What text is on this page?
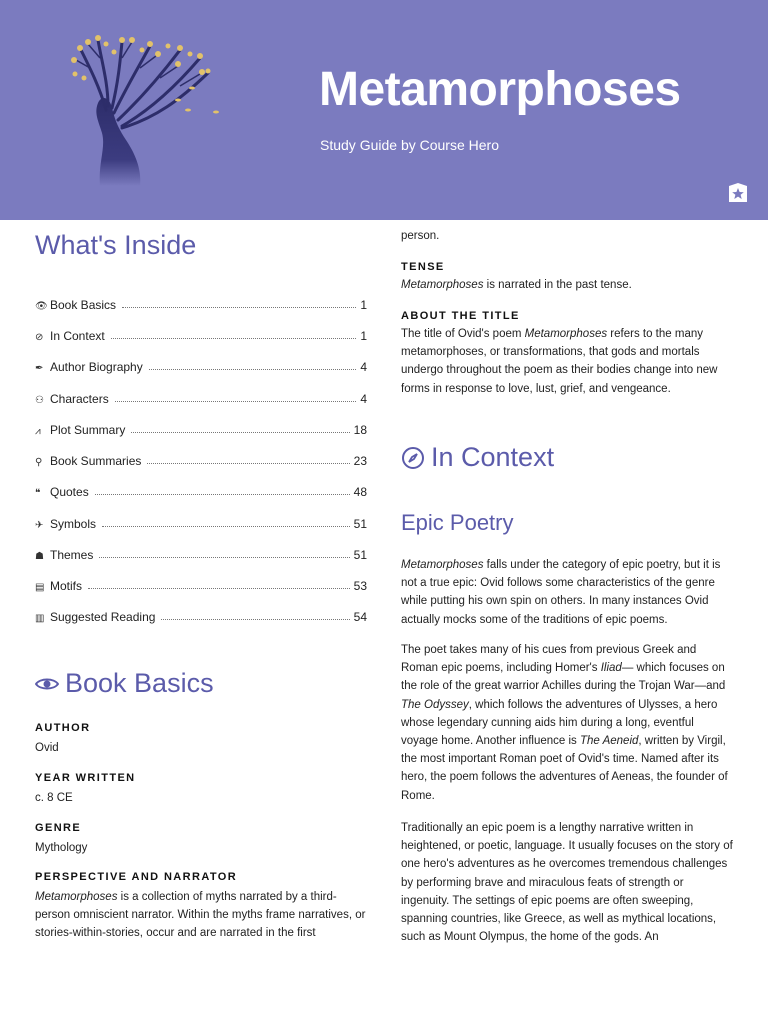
Metamorphoses
Study Guide by Course Hero
What's Inside
👁 Book Basics	1
⊘ In Context	1
✒ Author Biography	4
⚇ Characters	4
⩘ Plot Summary	18
⚲ Book Summaries	23
❝ Quotes	48
✈ Symbols	51
☗ Themes	51
▤ Motifs	53
▥ Suggested Reading	54
Book Basics
AUTHOR
Ovid
YEAR WRITTEN
c. 8 CE
GENRE
Mythology
PERSPECTIVE AND NARRATOR
Metamorphoses is a collection of myths narrated by a third-person omniscient narrator. Within the myths frame narratives, or stories-within-stories, occur and are narrated in the first
person.
TENSE
Metamorphoses is narrated in the past tense.
ABOUT THE TITLE
The title of Ovid's poem Metamorphoses refers to the many metamorphoses, or transformations, that gods and mortals undergo throughout the poem as their bodies change into new forms in response to love, lust, grief, and vengeance.
In Context
Epic Poetry
Metamorphoses falls under the category of epic poetry, but it is not a true epic: Ovid follows some characteristics of the genre while putting his own spin on others. In many instances Ovid actually mocks some of the traditions of epic poems.
The poet takes many of his cues from previous Greek and Roman epic poems, including Homer's Iliad— which focuses on the role of the great warrior Achilles during the Trojan War—and The Odyssey, which follows the adventures of Ulysses, a hero whose legendary cunning aids him during a long, eventful voyage home. Another influence is The Aeneid, written by Virgil, the most important Roman poet of Ovid's time. Named after its hero, the poem follows the adventures of Aeneas, the founder of Rome.
Traditionally an epic poem is a lengthy narrative written in heightened, or poetic, language. It usually focuses on the story of one hero's adventures as he overcomes tremendous challenges by performing brave and miraculous feats of strength or ingenuity. The settings of epic poems are often sweeping, spanning countries, like Greece, as well as mythical locations, such as Mount Olympus, the home of the gods. An
